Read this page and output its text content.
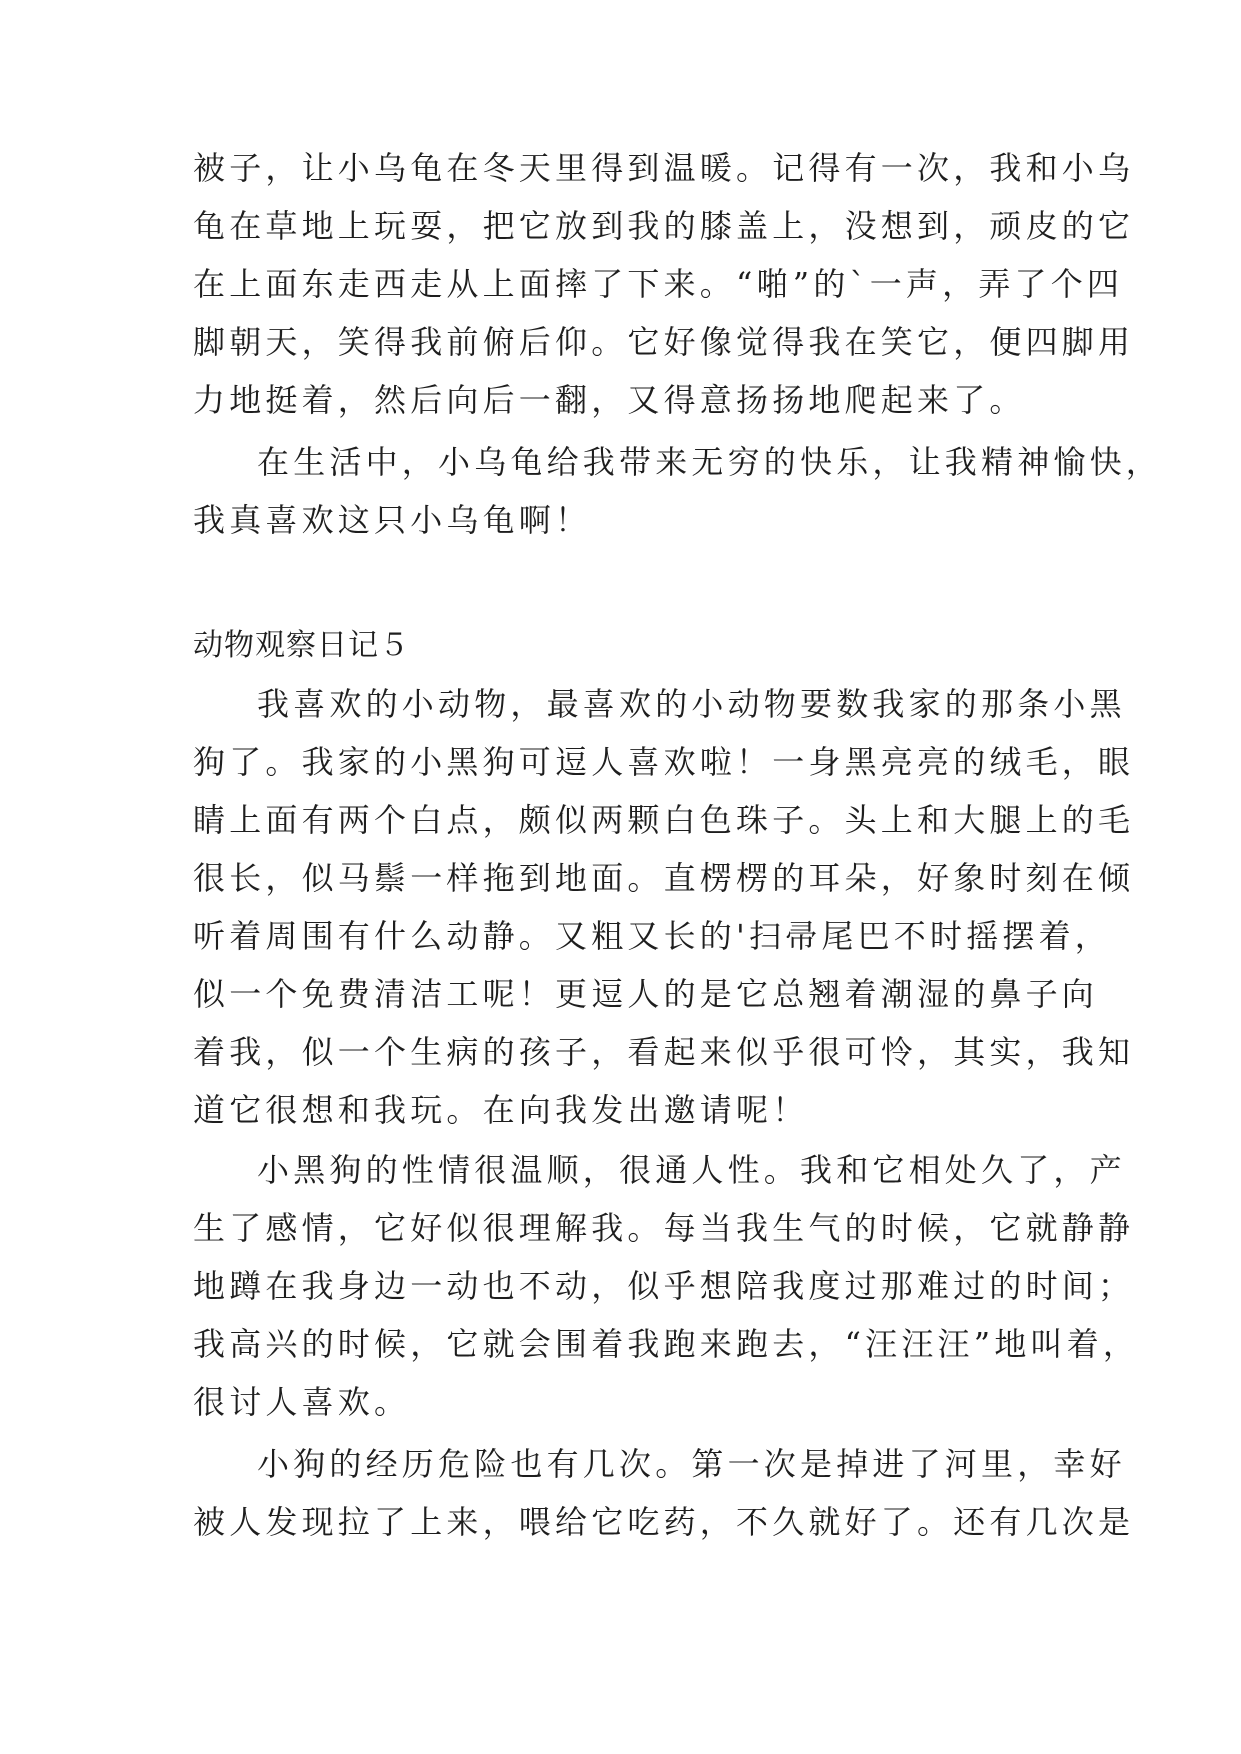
被子，让小乌龟在冬天里得到温暖。记得有一次，我和小乌
龟在草地上玩耍，把它放到我的膝盖上，没想到，顽皮的它
在上面东走西走从上面摔了下来。“啪”的`一声，弄了个四
脚朝天，笑得我前俯后仰。它好像觉得我在笑它，便四脚用
力地挺着，然后向后一翻，又得意扬扬地爬起来了。
在生活中，小乌龟给我带来无穷的快乐，让我精神愉快，
我真喜欢这只小乌龟啊！
动物观察日记５
我喜欢的小动物，最喜欢的小动物要数我家的那条小黑
狗了。我家的小黑狗可逗人喜欢啦！一身黑亮亮的绒毛，眼
睛上面有两个白点，颇似两颗白色珠子。头上和大腿上的毛
很长，似马鬃一样拖到地面。直楞楞的耳朵，好象时刻在倾
听着周围有什么动静。又粗又长的'扫帚尾巴不时摇摆着，
似一个免费清洁工呢！更逗人的是它总翘着潮湿的鼻子向
着我，似一个生病的孩子，看起来似乎很可怜，其实，我知
道它很想和我玩。在向我发出邀请呢！
小黑狗的性情很温顺，很通人性。我和它相处久了，产
生了感情，它好似很理解我。每当我生气的时候，它就静静
地蹲在我身边一动也不动，似乎想陪我度过那难过的时间；
我高兴的时候，它就会围着我跑来跑去，“汪汪汪”地叫着，
很讨人喜欢。
小狗的经历危险也有几次。第一次是掉进了河里，幸好
被人发现拉了上来，喂给它吃药，不久就好了。还有几次是
